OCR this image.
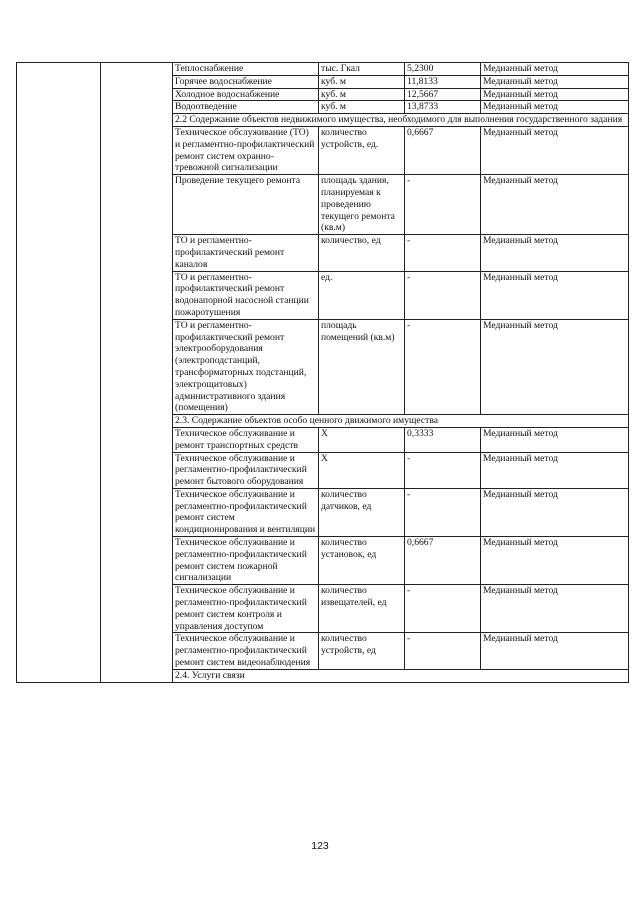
		Теплоснабжение	тыс. Гкал	5,2300	Медианный метод
		Горячее водоснабжение	куб. м	11,8133	Медианный метод
		Холодное водоснабжение	куб. м	12,5667	Медианный метод
		Водоотведение	куб. м	13,8733	Медианный метод
		2.2 Содержание объектов недвижимого имущества, необходимого для выполнения государственного задания			
		Техническое обслуживание (ТО) и регламентно-профилактический ремонт систем охранно-тревожной сигнализации	количество устройств, ед.	0,6667	Медианный метод
		Проведение текущего ремонта	площадь здания, планируемая к проведению текущего ремонта (кв.м)	-	Медианный метод
		ТО и регламентно-профилактический ремонт каналов	количество, ед	-	Медианный метод
		ТО и регламентно-профилактический ремонт водонапорной насосной станции пожаротушения	ед.	-	Медианный метод
		ТО и регламентно-профилактический ремонт электрооборудования (электроподстанций, трансформаторных подстанций, электрощитовых) административного здания (помещения)	площадь помещений (кв.м)	-	Медианный метод
		2.3. Содержание объектов особо ценного движимого имущества			
		Техническое обслуживание и ремонт транспортных средств	Х	0,3333	Медианный метод
		Техническое обслуживание и регламентно-профилактический ремонт бытового оборудования	Х	-	Медианный метод
		Техническое обслуживание и регламентно-профилактический ремонт систем кондиционирования и вентиляции	количество датчиков, ед	-	Медианный метод
		Техническое обслуживание и регламентно-профилактический ремонт систем пожарной сигнализации	количество установок, ед	0,6667	Медианный метод
		Техническое обслуживание и регламентно-профилактический ремонт систем контроля и управления доступом	количество извещателей, ед	-	Медианный метод
		Техническое обслуживание и регламентно-профилактический ремонт систем видеонаблюдения	количество устройств, ед	-	Медианный метод
		2.4. Услуги связи			
123
